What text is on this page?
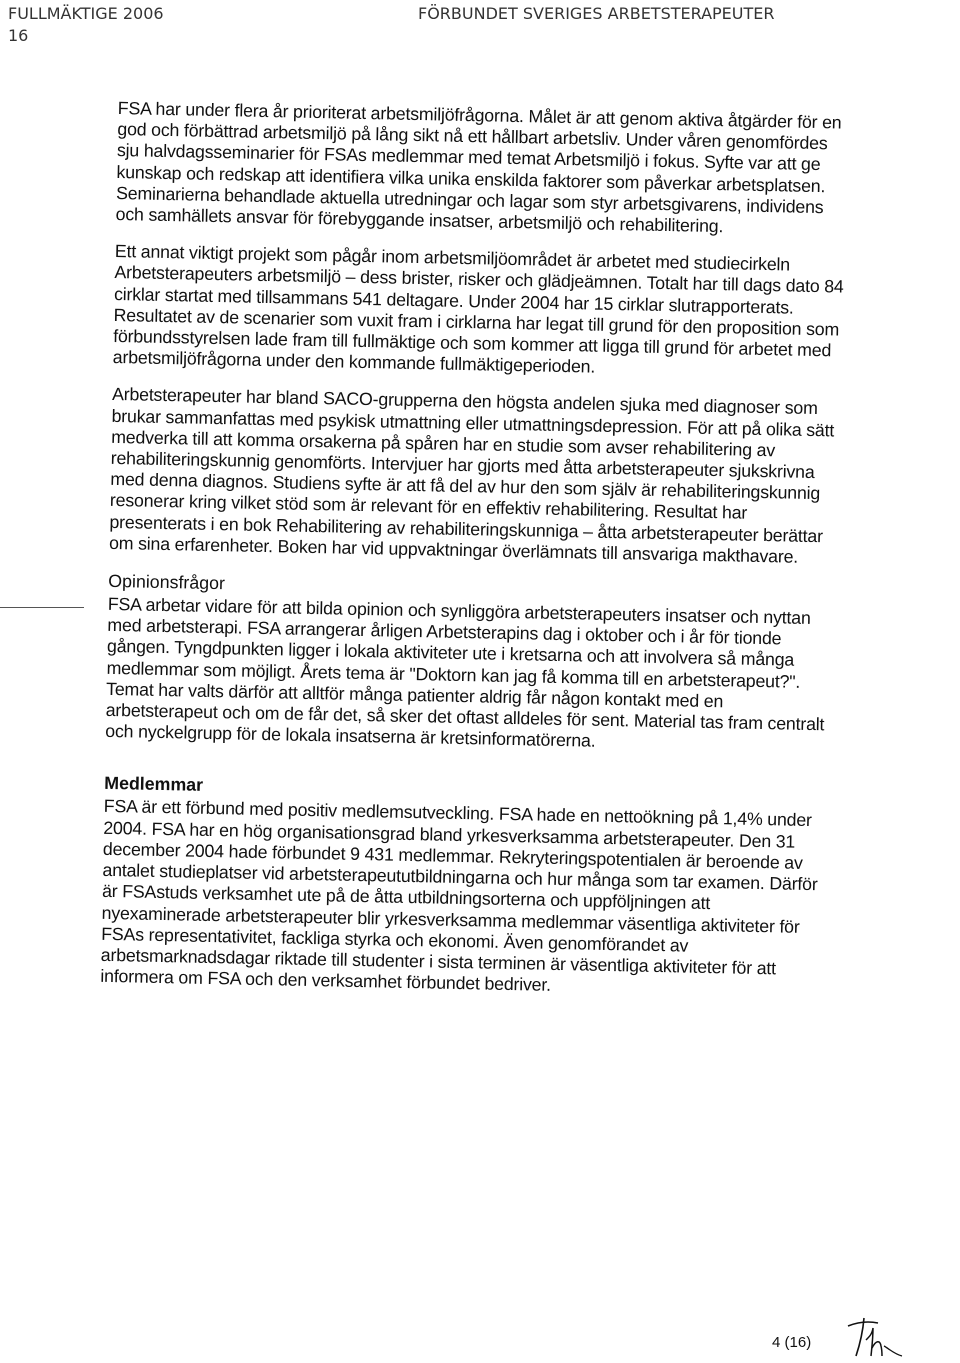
FULLMÄKTIGE 2006	FÖRBUNDET SVERIGES ARBETSTERAPEUTER
16

FSA har under flera år prioriterat arbetsmiljöfrågorna. Målet är att genom aktiva åtgärder för en god och förbättrad arbetsmiljö på lång sikt nå ett hållbart arbetsliv. Under våren genomfördes sju halvdagsseminarier för FSAs medlemmar med temat Arbetsmiljö i fokus. Syfte var att ge kunskap och redskap att identifiera vilka unika enskilda faktorer som påverkar arbetsplatsen. Seminarierna behandlade aktuella utredningar och lagar som styr arbetsgivarens, individens och samhällets ansvar för förebyggande insatser, arbetsmiljö och rehabilitering.

Ett annat viktigt projekt som pågår inom arbetsmiljöområdet är arbetet med studiecirkeln Arbetsterapeuters arbetsmiljö – dess brister, risker och glädjeämnen. Totalt har till dags dato 84 cirklar startat med tillsammans 541 deltagare. Under 2004 har 15 cirklar slutrapporterats. Resultatet av de scenarier som vuxit fram i cirklarna har legat till grund för den proposition som förbundsstyrelsen lade fram till fullmäktige och som kommer att ligga till grund för arbetet med arbetsmiljöfrågorna under den kommande fullmäktigeperioden.

Arbetsterapeuter har bland SACO-grupperna den högsta andelen sjuka med diagnoser som brukar sammanfattas med psykisk utmattning eller utmattningsdepression. För att på olika sätt medverka till att komma orsakerna på spåren har en studie som avser rehabilitering av rehabiliteringskunnig genomförts. Intervjuer har gjorts med åtta arbetsterapeuter sjukskrivna med denna diagnos. Studiens syfte är att få del av hur den som själv är rehabiliteringskunnig resonerar kring vilket stöd som är relevant för en effektiv rehabilitering. Resultat har presenterats i en bok Rehabilitering av rehabiliteringskunniga – åtta arbetsterapeuter berättar om sina erfarenheter. Boken har vid uppvaktningar överlämnats till ansvariga makthavare.

Opinionsfrågor

FSA arbetar vidare för att bilda opinion och synliggöra arbetsterapeuters insatser och nyttan med arbetsterapi. FSA arrangerar årligen Arbetsterapins dag i oktober och i år för tionde gången. Tyngdpunkten ligger i lokala aktiviteter ute i kretsarna och att involvera så många medlemmar som möjligt. Årets tema är "Doktorn kan jag få komma till en arbetsterapeut?". Temat har valts därför att alltför många patienter aldrig får någon kontakt med en arbetsterapeut och om de får det, så sker det oftast alldeles för sent. Material tas fram centralt och nyckelgrupp för de lokala insatserna är kretsinformatörerna.

Medlemmar

FSA är ett förbund med positiv medlemsutveckling. FSA hade en nettoökning på 1,4% under 2004. FSA har en hög organisationsgrad bland yrkesverksamma arbetsterapeuter. Den 31 december 2004 hade förbundet 9 431 medlemmar. Rekryteringspotentialen är beroende av antalet studieplatser vid arbetsterapeututbildningarna och hur många som tar examen. Därför är FSAstuds verksamhet ute på de åtta utbildningsorterna och uppföljningen att nyexaminerade arbetsterapeuter blir yrkesverksamma medlemmar väsentliga aktiviteter för FSAs representativitet, fackliga styrka och ekonomi. Även genomförandet av arbetsmarknadsdagar riktade till studenter i sista terminen är väsentliga aktiviteter för att informera om FSA och den verksamhet förbundet bedriver.

4 (16)
